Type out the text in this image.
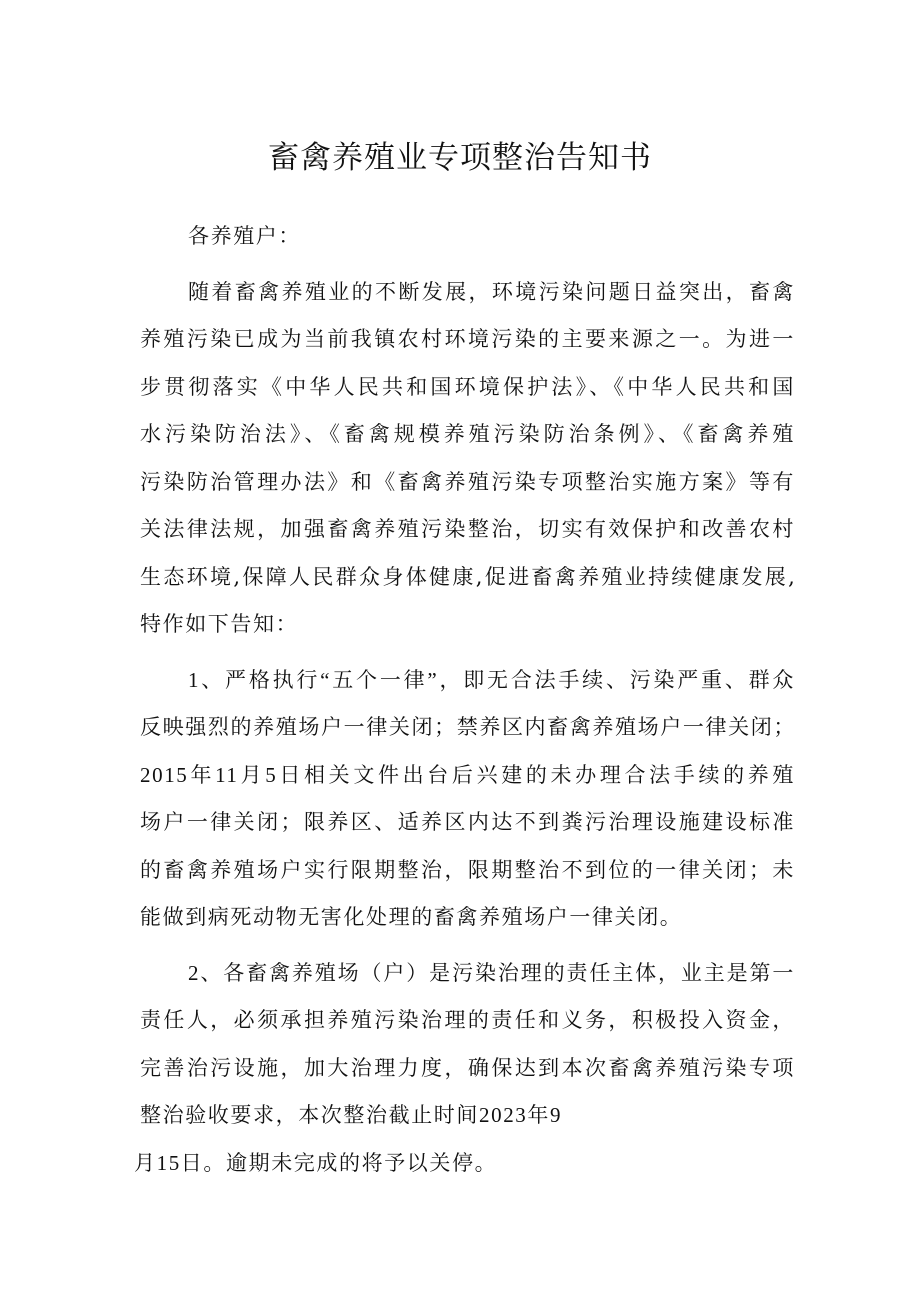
畜禽养殖业专项整治告知书
各养殖户：
随着畜禽养殖业的不断发展，环境污染问题日益突出，畜禽
养殖污染已成为当前我镇农村环境污染的主要来源之一。为进一
步贯彻落实《中华人民共和国环境保护法》、《中华人民共和国
水污染防治法》、《畜禽规模养殖污染防治条例》、《畜禽养殖
污染防治管理办法》和《畜禽养殖污染专项整治实施方案》等有
关法律法规，加强畜禽养殖污染整治，切实有效保护和改善农村
生态环境,保障人民群众身体健康,促进畜禽养殖业持续健康发展,
特作如下告知：
1、严格执行“五个一律”，即无合法手续、污染严重、群众
反映强烈的养殖场户一律关闭；禁养区内畜禽养殖场户一律关闭；
2015年11月5日相关文件出台后兴建的未办理合法手续的养殖
场户一律关闭；限养区、适养区内达不到粪污治理设施建设标准
的畜禽养殖场户实行限期整治，限期整治不到位的一律关闭；未
能做到病死动物无害化处理的畜禽养殖场户一律关闭。
2、各畜禽养殖场（户）是污染治理的责任主体，业主是第一
责任人，必须承担养殖污染治理的责任和义务，积极投入资金，
完善治污设施，加大治理力度，确保达到本次畜禽养殖污染专项
整治验收要求，本次整治截止时间2023年9
月15日。逾期未完成的将予以关停。
